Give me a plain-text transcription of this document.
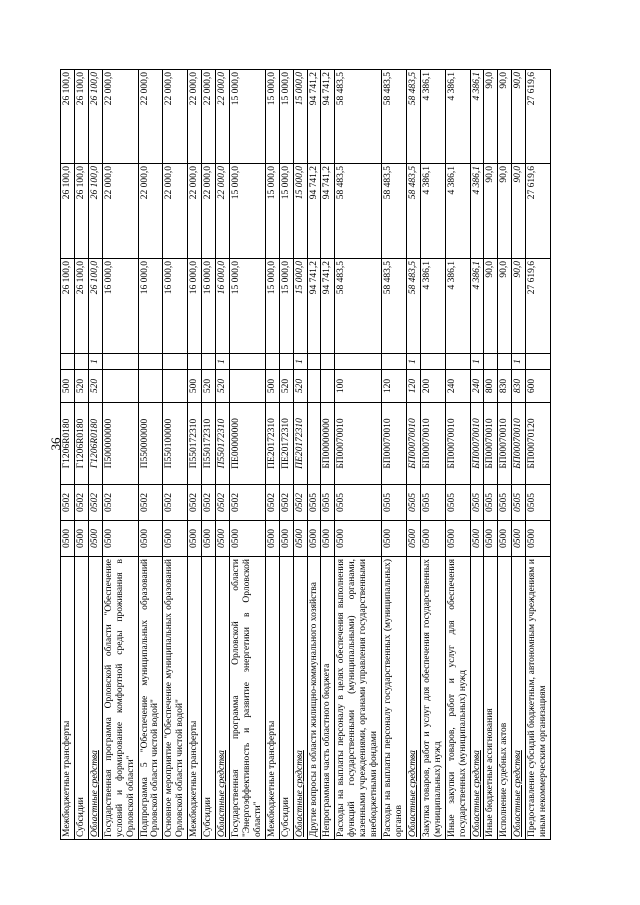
36
Межбюджетные трансферты	0500	0502	Г1206R0180	500		26 100,0	26 100,0	26 100,0
Субсидии	0500	0502	Г1206R0180	520		26 100,0	26 100,0	26 100,0
Областные средства	0500	0502	Г1206R0180	520	1	26 100,0	26 100,0	26 100,0
Государственная программа Орловской области "Обеспечение условий и формирование комфортной среды проживания в Орловской области"	0500	0502	П500000000			16 000,0	22 000,0	22 000,0
Подпрограмма 5 "Обеспечение муниципальных образований Орловской области чистой водой"	0500	0502	П550000000			16 000,0	22 000,0	22 000,0
Основное мероприятие "Обеспечение муниципальных образований Орловской области чистой водой"	0500	0502	П550100000			16 000,0	22 000,0	22 000,0
Межбюджетные трансферты	0500	0502	П550172310	500		16 000,0	22 000,0	22 000,0
Субсидии	0500	0502	П550172310	520		16 000,0	22 000,0	22 000,0
Областные средства	0500	0502	П550172310	520	1	16 000,0	22 000,0	22 000,0
Государственная программа Орловской области "Энергоэффективность и развитие энергетики в Орловской области"	0500	0502	ПЕ00000000			15 000,0	15 000,0	15 000,0
Межбюджетные трансферты	0500	0502	ПЕ20172310	500		15 000,0	15 000,0	15 000,0
Субсидии	0500	0502	ПЕ20172310	520		15 000,0	15 000,0	15 000,0
Областные средства	0500	0502	ПЕ20172310	520	1	15 000,0	15 000,0	15 000,0
Другие вопросы в области жилищно-коммунального хозяйства	0500	0505				94 741,2	94 741,2	94 741,2
Непрограммная часть областного бюджета	0500	0505	БП00000000			94 741,2	94 741,2	94 741,2
Расходы на выплаты персоналу в целях обеспечения выполнения функций государственными (муниципальными) органами, казенными учреждениями, органами управления государственными внебюджетными фондами	0500	0505	БП00070010	100		58 483,5	58 483,5	58 483,5
Расходы на выплаты персоналу государственных (муниципальных) органов	0500	0505	БП00070010	120		58 483,5	58 483,5	58 483,5
Областные средства	0500	0505	БП00070010	120	1	58 483,5	58 483,5	58 483,5
Закупка товаров, работ и услуг для обеспечения государственных (муниципальных) нужд	0500	0505	БП00070010	200		4 386,1	4 386,1	4 386,1
Иные закупки товаров, работ и услуг для обеспечения государственных (муниципальных) нужд	0500	0505	БП00070010	240		4 386,1	4 386,1	4 386,1
Областные средства	0500	0505	БП00070010	240	1	4 386,1	4 386,1	4 386,1
Иные бюджетные ассигнования	0500	0505	БП00070010	800		90,0	90,0	90,0
Исполнение судебных актов	0500	0505	БП00070010	830		90,0	90,0	90,0
Областные средства	0500	0505	БП00070010	830	1	90,0	90,0	90,0
Предоставление субсидий бюджетным, автономным учреждениям и иным некоммерческим организациям	0500	0505	БП00070120	600		27 619,6	27 619,6	27 619,6
